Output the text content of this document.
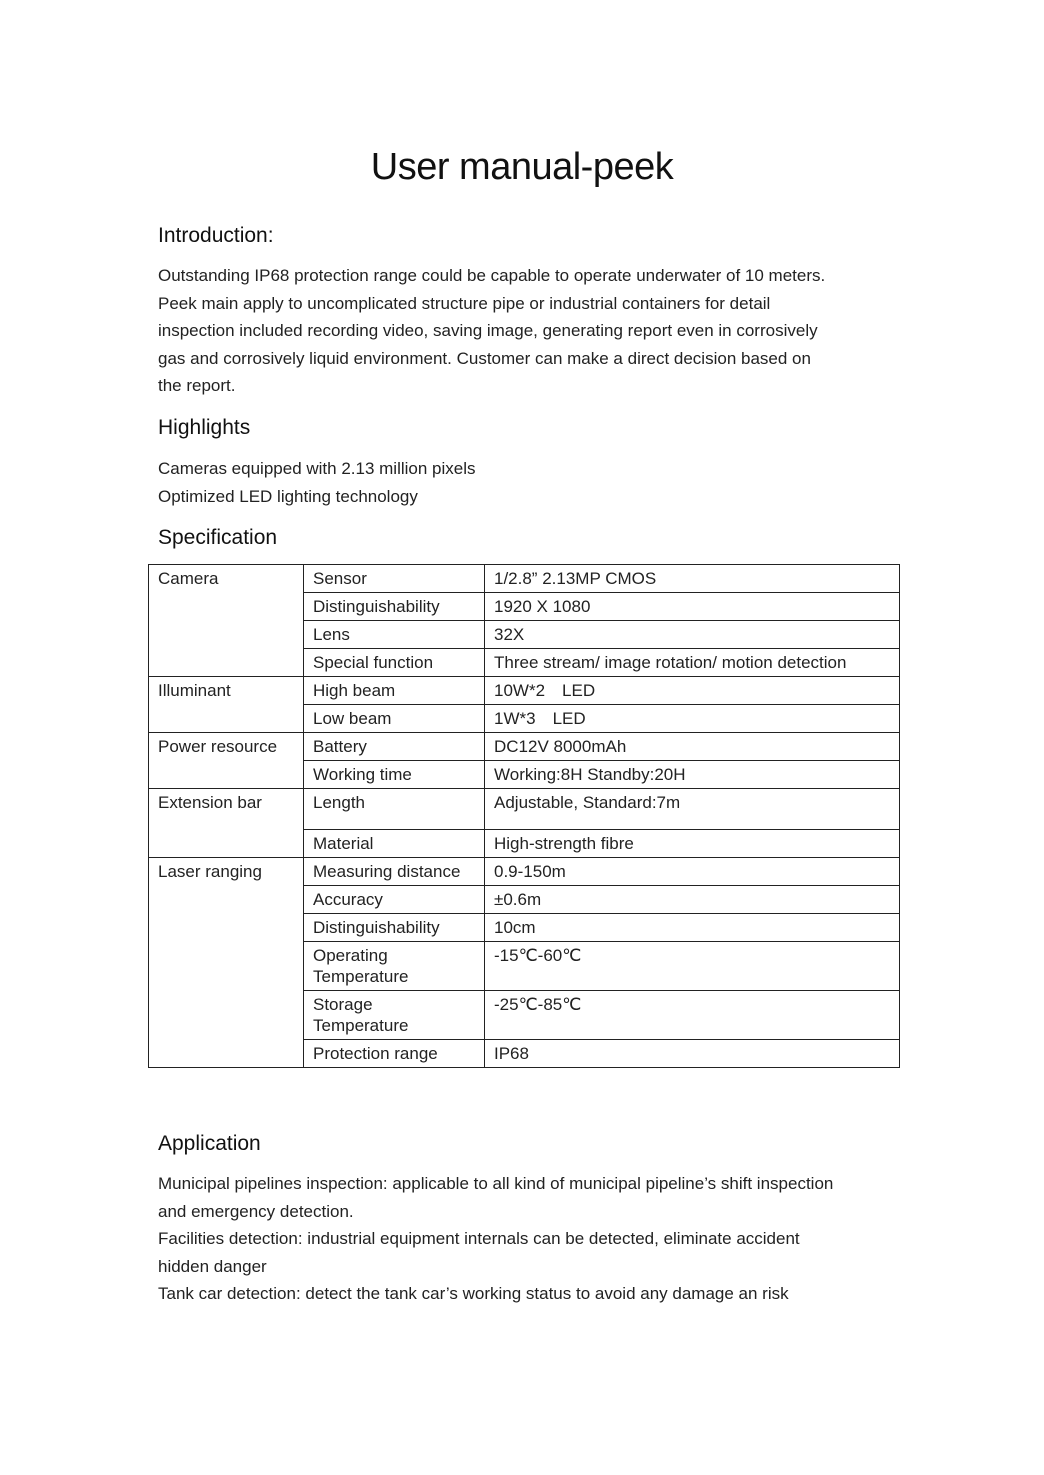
User manual-peek
Introduction:

Outstanding IP68 protection range could be capable to operate underwater of 10 meters.
Peek main apply to uncomplicated structure pipe or industrial containers for detail
inspection included recording video, saving image, generating report even in corrosively
gas and corrosively liquid environment. Customer can make a direct decision based on
the report.

Highlights

Cameras equipped with 2.13 million pixels
Optimized LED lighting technology

Specification
Camera	Sensor	1/2.8” 2.13MP CMOS
	Distinguishability	1920 X 1080
	Lens	32X
	Special function	Three stream/ image rotation/ motion detection
Illuminant	High beam	10W*2　LED
	Low beam	1W*3　LED
Power resource	Battery	DC12V 8000mAh
	Working time	Working:8H Standby:20H
Extension bar	Length	Adjustable, Standard:7m
	Material	High-strength fibre
Laser ranging	Measuring distance	0.9-150m
	Accuracy	±0.6m
	Distinguishability	10cm

	Operating
Temperature	-15℃-60℃

	Storage
Temperature	-25℃-85℃
	Protection range	IP68
Application

Municipal pipelines inspection: applicable to all kind of municipal pipeline’s shift inspection
and emergency detection.
Facilities detection: industrial equipment internals can be detected, eliminate accident
hidden danger
Tank car detection: detect the tank car’s working status to avoid any damage an risk
